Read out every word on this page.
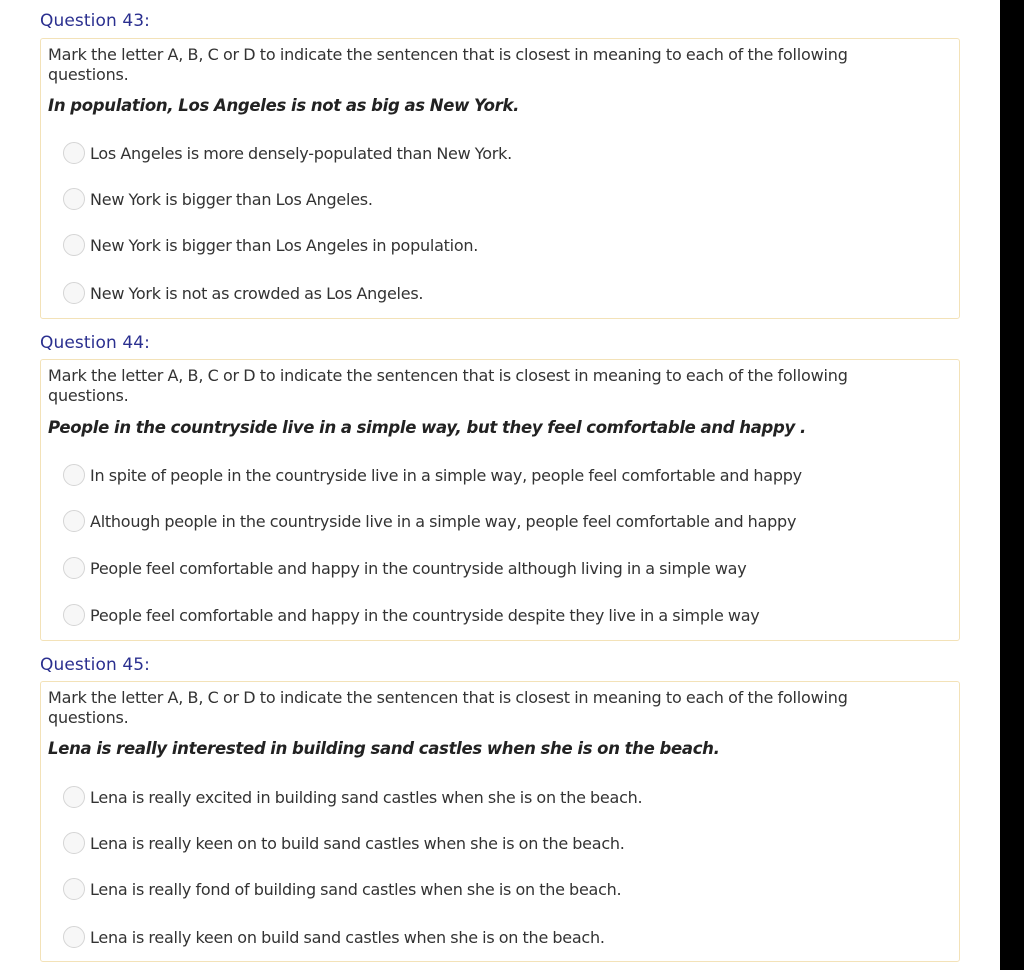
Question 43:
Mark the letter A, B, C or D to indicate the sentencen that is closest in meaning to each of the following questions.
In population, Los Angeles is not as big as New York.
Los Angeles is more densely-populated than New York.
New York is bigger than Los Angeles.
New York is bigger than Los Angeles in population.
New York is not as crowded as Los Angeles.
Question 44:
Mark the letter A, B, C or D to indicate the sentencen that is closest in meaning to each of the following questions.
People in the countryside live in a simple way, but they feel comfortable and happy .
In spite of people in the countryside live in a simple way, people feel comfortable and happy
Although people in the countryside live in a simple way, people feel comfortable and happy
People feel comfortable and happy in the countryside although living in a simple way
People feel comfortable and happy in the countryside despite they live in a simple way
Question 45:
Mark the letter A, B, C or D to indicate the sentencen that is closest in meaning to each of the following questions.
Lena is really interested in building sand castles when she is on the beach.
Lena is really excited in building sand castles when she is on the beach.
Lena is really keen on to build sand castles when she is on the beach.
Lena is really fond of building sand castles when she is on the beach.
Lena is really keen on build sand castles when she is on the beach.
